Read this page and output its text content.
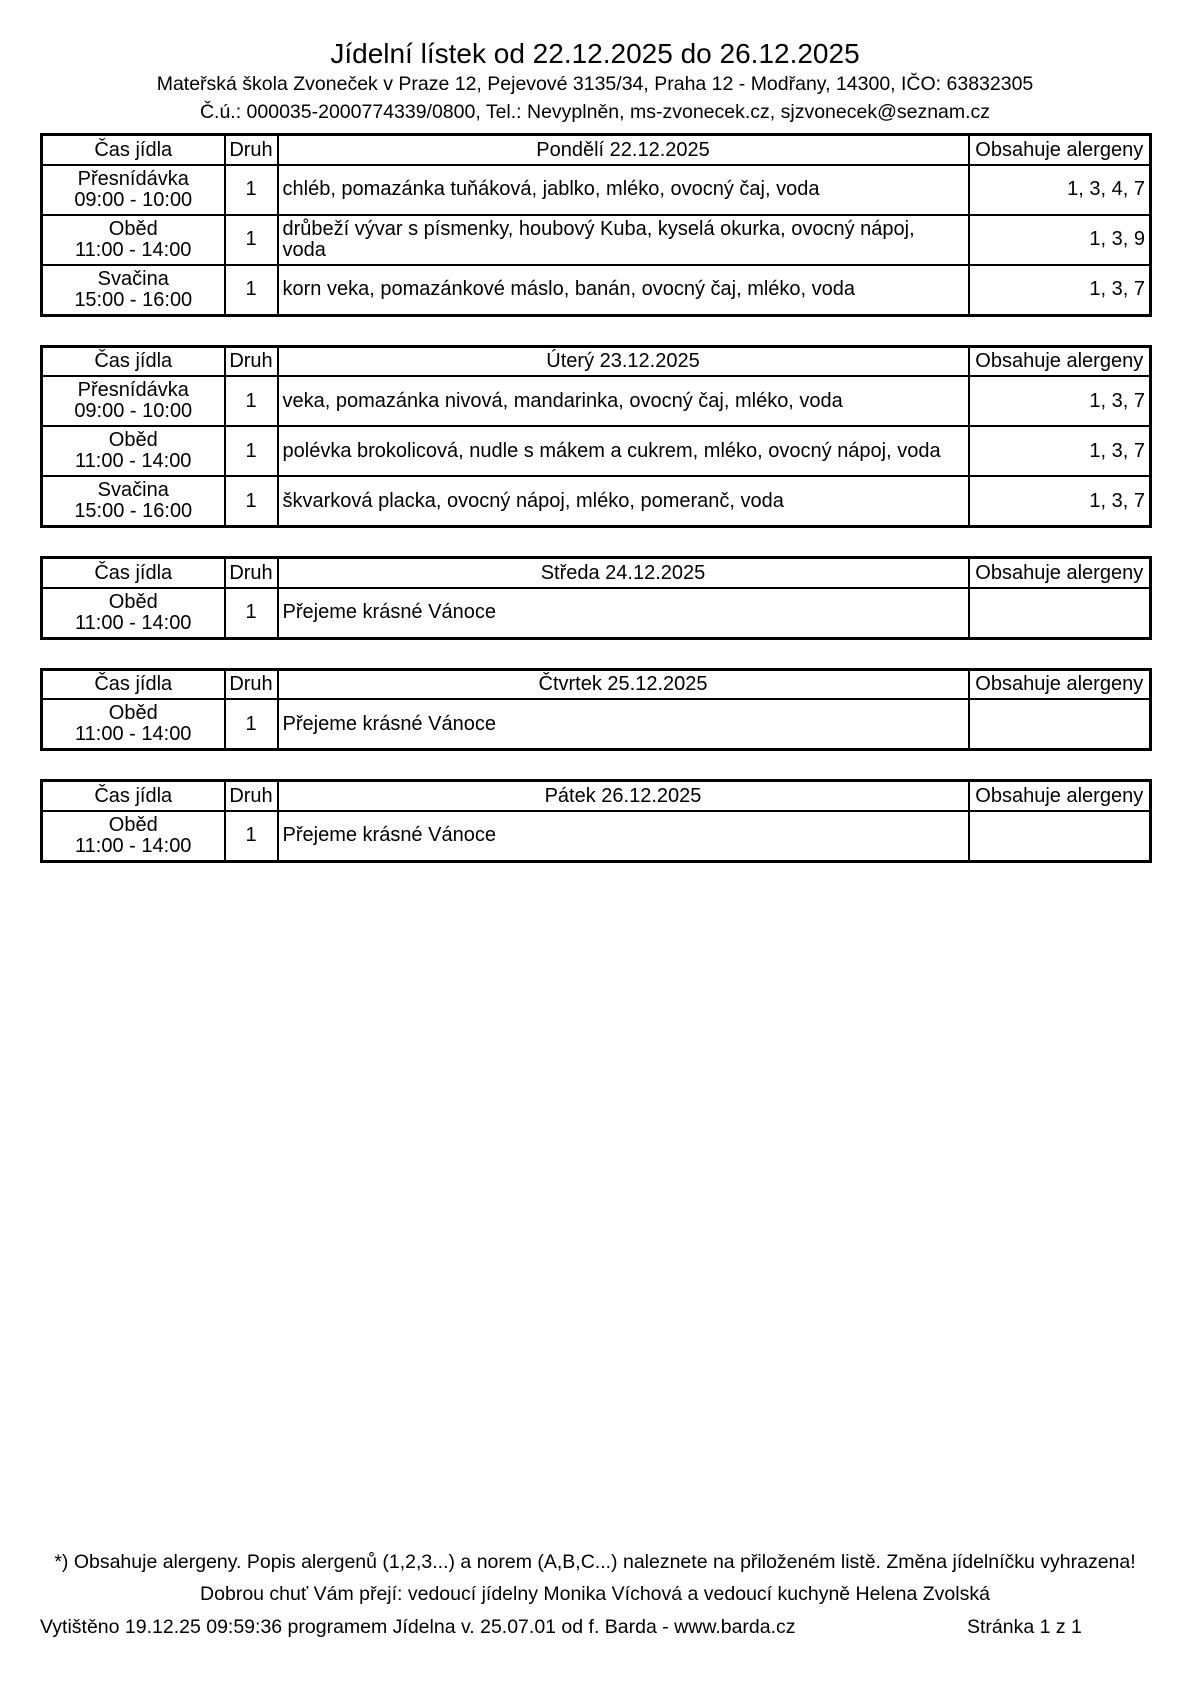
Jídelní lístek od 22.12.2025 do 26.12.2025
Mateřská škola Zvoneček v Praze 12, Pejevové 3135/34, Praha 12 - Modřany, 14300, IČO: 63832305
Č.ú.: 000035-2000774339/0800, Tel.: Nevyplněn, ms-zvonecek.cz, sjzvonecek@seznam.cz
Čas jídla	Druh	Pondělí 22.12.2025	Obsahuje alergeny

Přesnídávka
09:00 - 10:00	1	chléb, pomazánka tuňáková, jablko, mléko, ovocný čaj, voda	1, 3, 4, 7

Oběd
11:00 - 14:00	1	drůbeží vývar s písmenky, houbový Kuba, kyselá okurka, ovocný nápoj, voda	1, 3, 9

Svačina
15:00 - 16:00	1	korn veka, pomazánkové máslo, banán, ovocný čaj, mléko, voda	1, 3, 7
Čas jídla	Druh	Úterý 23.12.2025	Obsahuje alergeny

Přesnídávka
09:00 - 10:00	1	veka, pomazánka nivová, mandarinka, ovocný čaj, mléko, voda	1, 3, 7

Oběd
11:00 - 14:00	1	polévka brokolicová, nudle s mákem a cukrem, mléko, ovocný nápoj, voda	1, 3, 7

Svačina
15:00 - 16:00	1	škvarková placka, ovocný nápoj, mléko, pomeranč, voda	1, 3, 7
Čas jídla	Druh	Středa 24.12.2025	Obsahuje alergeny

Oběd
11:00 - 14:00	1	Přejeme krásné Vánoce	
Čas jídla	Druh	Čtvrtek 25.12.2025	Obsahuje alergeny

Oběd
11:00 - 14:00	1	Přejeme krásné Vánoce	
Čas jídla	Druh	Pátek 26.12.2025	Obsahuje alergeny

Oběd
11:00 - 14:00	1	Přejeme krásné Vánoce	
*) Obsahuje alergeny. Popis alergenů (1,2,3...) a norem (A,B,C...) naleznete na přiloženém listě. Změna jídelníčku vyhrazena!
Dobrou chuť Vám přejí: vedoucí jídelny Monika Víchová a vedoucí kuchyně Helena Zvolská
Vytištěno 19.12.25 09:59:36 programem Jídelna v. 25.07.01 od f. Barda - www.barda.cz	Stránka 1 z 1
